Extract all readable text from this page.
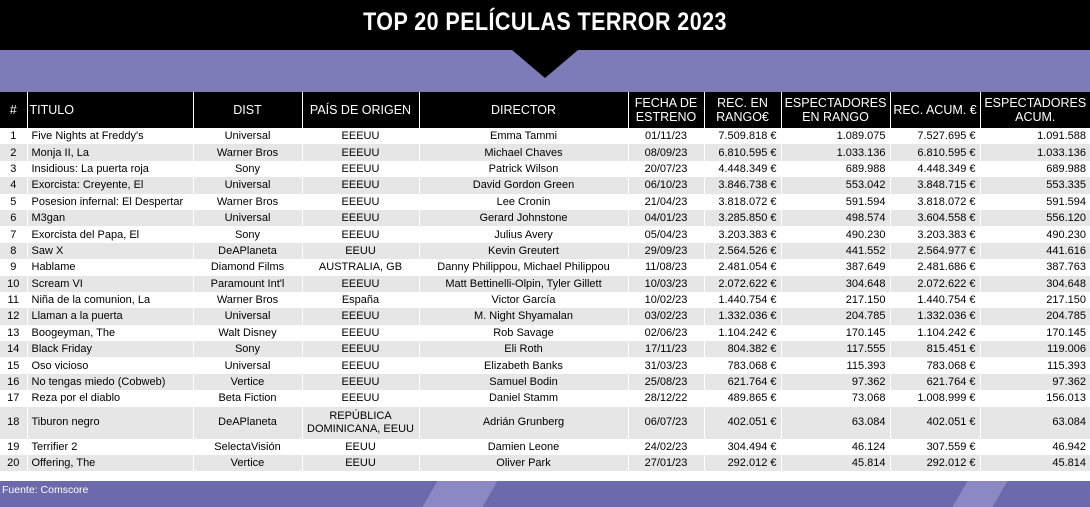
TOP 20 PELÍCULAS TERROR 2023
#	TITULO	DIST	PAÍS DE ORIGEN	DIRECTOR	FECHA DE ESTRENO	REC. EN RANGO€	ESPECTADORES EN RANGO	REC. ACUM. €	ESPECTADORES ACUM.
1	Five Nights at Freddy's	Universal	EEEUU	Emma Tammi	01/11/23	7.509.818 €	1.089.075	7.527.695 €	1.091.588
2	Monja II, La	Warner Bros	EEEUU	Michael Chaves	08/09/23	6.810.595 €	1.033.136	6.810.595 €	1.033.136
3	Insidious: La puerta roja	Sony	EEEUU	Patrick Wilson	20/07/23	4.448.349 €	689.988	4.448.349 €	689.988
4	Exorcista: Creyente, El	Universal	EEEUU	David Gordon Green	06/10/23	3.846.738 €	553.042	3.848.715 €	553.335
5	Posesion infernal: El Despertar	Warner Bros	EEEUU	Lee Cronin	21/04/23	3.818.072 €	591.594	3.818.072 €	591.594
6	M3gan	Universal	EEEUU	Gerard Johnstone	04/01/23	3.285.850 €	498.574	3.604.558 €	556.120
7	Exorcista del Papa, El	Sony	EEEUU	Julius Avery	05/04/23	3.203.383 €	490.230	3.203.383 €	490.230
8	Saw X	DeAPlaneta	EEUU	Kevin Greutert	29/09/23	2.564.526 €	441.552	2.564.977 €	441.616
9	Hablame	Diamond Films	AUSTRALIA, GB	Danny Philippou, Michael Philippou	11/08/23	2.481.054 €	387.649	2.481.686 €	387.763
10	Scream VI	Paramount Int'l	EEEUU	Matt Bettinelli-Olpin, Tyler Gillett	10/03/23	2.072.622 €	304.648	2.072.622 €	304.648
11	Niña de la comunion, La	Warner Bros	España	Victor García	10/02/23	1.440.754 €	217.150	1.440.754 €	217.150
12	Llaman a la puerta	Universal	EEEUU	M. Night Shyamalan	03/02/23	1.332.036 €	204.785	1.332.036 €	204.785
13	Boogeyman, The	Walt Disney	EEEUU	Rob Savage	02/06/23	1.104.242 €	170.145	1.104.242 €	170.145
14	Black Friday	Sony	EEEUU	Eli Roth	17/11/23	804.382 €	117.555	815.451 €	119.006
15	Oso vicioso	Universal	EEEUU	Elizabeth Banks	31/03/23	783.068 €	115.393	783.068 €	115.393
16	No tengas miedo (Cobweb)	Vertice	EEEUU	Samuel Bodin	25/08/23	621.764 €	97.362	621.764 €	97.362
17	Reza por el diablo	Beta Fiction	EEEUU	Daniel Stamm	28/12/22	489.865 €	73.068	1.008.999 €	156.013
18	Tiburon negro	DeAPlaneta	REPÚBLICA DOMINICANA, EEUU	Adrián Grunberg	06/07/23	402.051 €	63.084	402.051 €	63.084
19	Terrifier 2	SelectaVisión	EEUU	Damien Leone	24/02/23	304.494 €	46.124	307.559 €	46.942
20	Offering, The	Vertice	EEUU	Oliver Park	27/01/23	292.012 €	45.814	292.012 €	45.814
Fuente: Comscore
